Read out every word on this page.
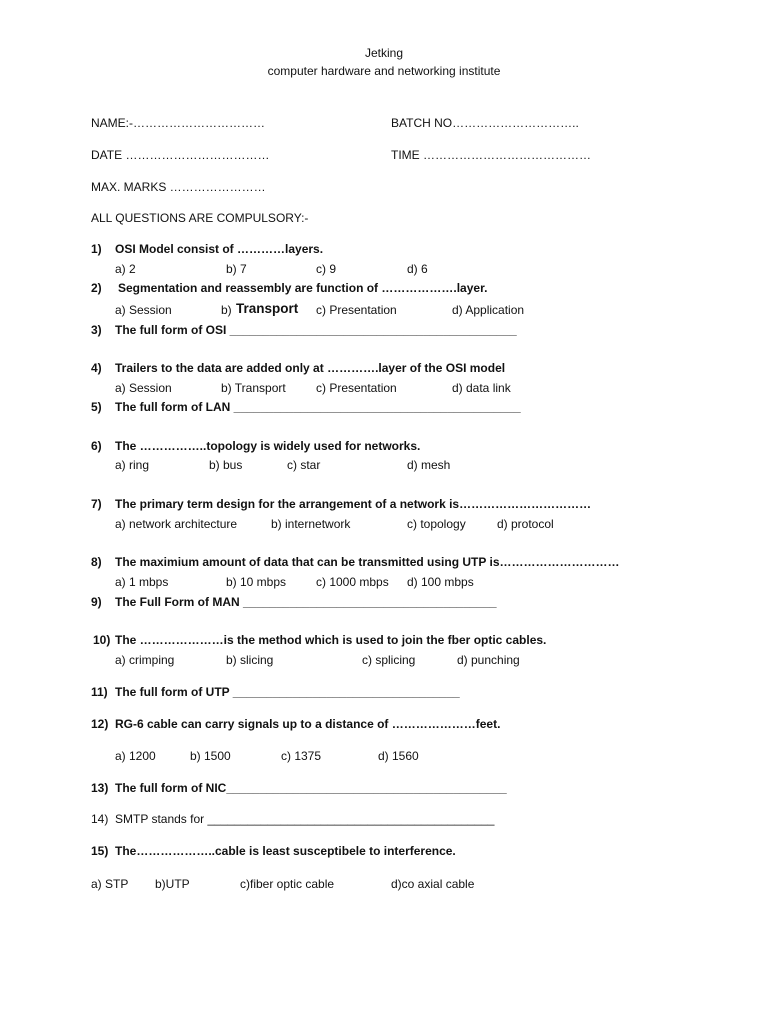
Jetking
computer hardware and networking institute
NAME:-……………………………	BATCH NO…………………………..
DATE ………………………………	TIME ……………………………………
MAX. MARKS ……………………
ALL QUESTIONS ARE COMPULSORY:-
1) OSI Model consist of …………layers.
a) 2	b) 7	c) 9	d) 6
2) Segmentation and reassembly are function of ……………….layer.
a) Session	b) Transport c) Presentation	d) Application
3) The full form of OSI ___________________________________________
4) Trailers to the data are added only at ………….layer of the OSI model
a) Session	b) Transport	c) Presentation	d) data link
5) The full form of LAN ___________________________________________
6) The ……………..topology is widely used for networks.
a) ring	b) bus	c) star	d) mesh
7) The primary term design for the arrangement of a network is……………………………
a) network architecture	b) internetwork	c) topology	d) protocol
8) The maximium amount of data that can be transmitted using UTP is…………………………
a) 1 mbps	b) 10 mbps c) 1000 mbps d) 100 mbps
9) The Full Form of MAN ______________________________________
10) The …………………is the method which is used to join the fber optic cables.
a) crimping	b) slicing	c) splicing	d) punching
11) The full form of UTP __________________________________
12) RG-6 cable can carry signals up to a distance of …………………feet.
a) 1200	b) 1500	c) 1375	d) 1560
13) The full form of NIC__________________________________________
14) SMTP stands for ___________________________________________
15) The………………..cable is least susceptibele to interference.
a) STP b)UTP	c)fiber optic cable	d)co axial cable
